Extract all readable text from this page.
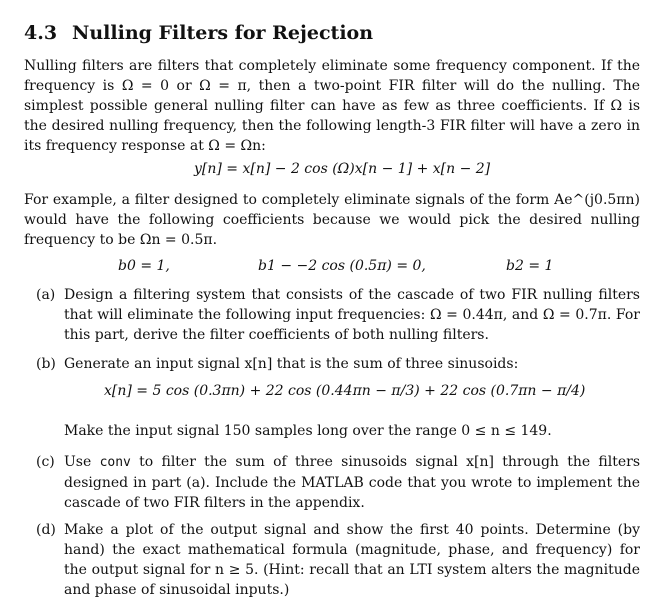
4.3 Nulling Filters for Rejection
Nulling filters are filters that completely eliminate some frequency component. If the frequency is Ω = 0 or Ω = π, then a two-point FIR filter will do the nulling. The simplest possible general nulling filter can have as few as three coefficients. If Ω is the desired nulling frequency, then the following length-3 FIR filter will have a zero in its frequency response at Ω = Ωn:
y[n] = x[n] − 2 cos (Ω)x[n − 1] + x[n − 2]
For example, a filter designed to completely eliminate signals of the form Ae^(j0.5πn) would have the following coefficients because we would pick the desired nulling frequency to be Ωn = 0.5π.
b0 = 1,	b1 − −2 cos (0.5π) = 0,	b2 = 1
(a) Design a filtering system that consists of the cascade of two FIR nulling filters that will eliminate the following input frequencies: Ω = 0.44π, and Ω = 0.7π. For this part, derive the filter coefficients of both nulling filters.
(b) Generate an input signal x[n] that is the sum of three sinusoids:
x[n] = 5 cos (0.3πn) + 22 cos (0.44πn − π/3) + 22 cos (0.7πn − π/4)
Make the input signal 150 samples long over the range 0 ≤ n ≤ 149.
(c) Use conv to filter the sum of three sinusoids signal x[n] through the filters designed in part (a). Include the MATLAB code that you wrote to implement the cascade of two FIR filters in the appendix.
(d) Make a plot of the output signal and show the first 40 points. Determine (by hand) the exact mathematical formula (magnitude, phase, and frequency) for the output signal for n ≥ 5. (Hint: recall that an LTI system alters the magnitude and phase of sinusoidal inputs.)
